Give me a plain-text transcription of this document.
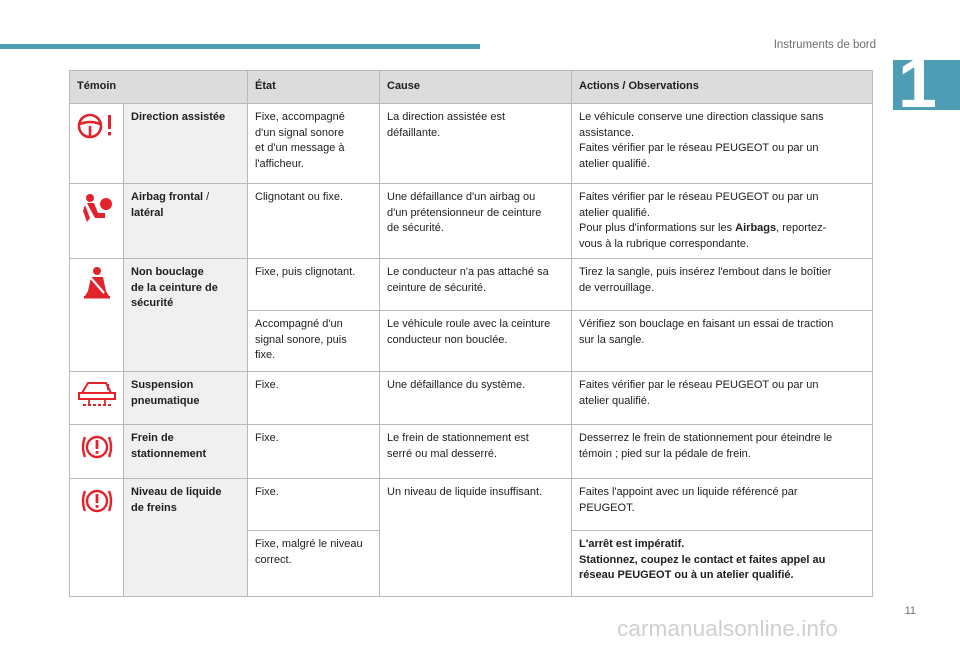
Instruments de bord 1
Témoin		État	Cause	Actions / Observations

	Direction assistée	Fixe, accompagné
d'un signal sonore
et d'un message à
l'afficheur.	La direction assistée est
défaillante.	Le véhicule conserve une direction classique sans
assistance.
Faites vérifier par le réseau PEUGEOT ou par un
atelier qualifié.

	Airbag frontal /
latéral	Clignotant ou fixe.	Une défaillance d'un airbag ou
d'un prétensionneur de ceinture
de sécurité.	Faites vérifier par le réseau PEUGEOT ou par un
atelier qualifié.
Pour plus d'informations sur les Airbags, reportez-
vous à la rubrique correspondante.

Non bouclage
de la ceinture de
sécurité	Fixe, puis clignotant.	Le conducteur n'a pas attaché sa
ceinture de sécurité.	Tirez la sangle, puis insérez l'embout dans le boîtier
de verrouillage.

		Accompagné d'un
signal sonore, puis
fixe.	Le véhicule roule avec la ceinture
conducteur non bouclée.	Vérifiez son bouclage en faisant un essai de traction
sur la sangle.

Suspension
pneumatique	Fixe.	Une défaillance du système.	Faites vérifier par le réseau PEUGEOT ou par un
atelier qualifié.

Frein de
stationnement	Fixe.	Le frein de stationnement est
serré ou mal desserré.	Desserrez le frein de stationnement pour éteindre le
témoin ; pied sur la pédale de frein.

Niveau de liquide
de freins	Fixe.	Un niveau de liquide insuffisant.	Faites l'appoint avec un liquide référencé par
PEUGEOT.

		Fixe, malgré le niveau
correct.		L'arrêt est impératif.
Stationnez, coupez le contact et faites appel au
réseau PEUGEOT ou à un atelier qualifié.
11
carmanualsonline.info
